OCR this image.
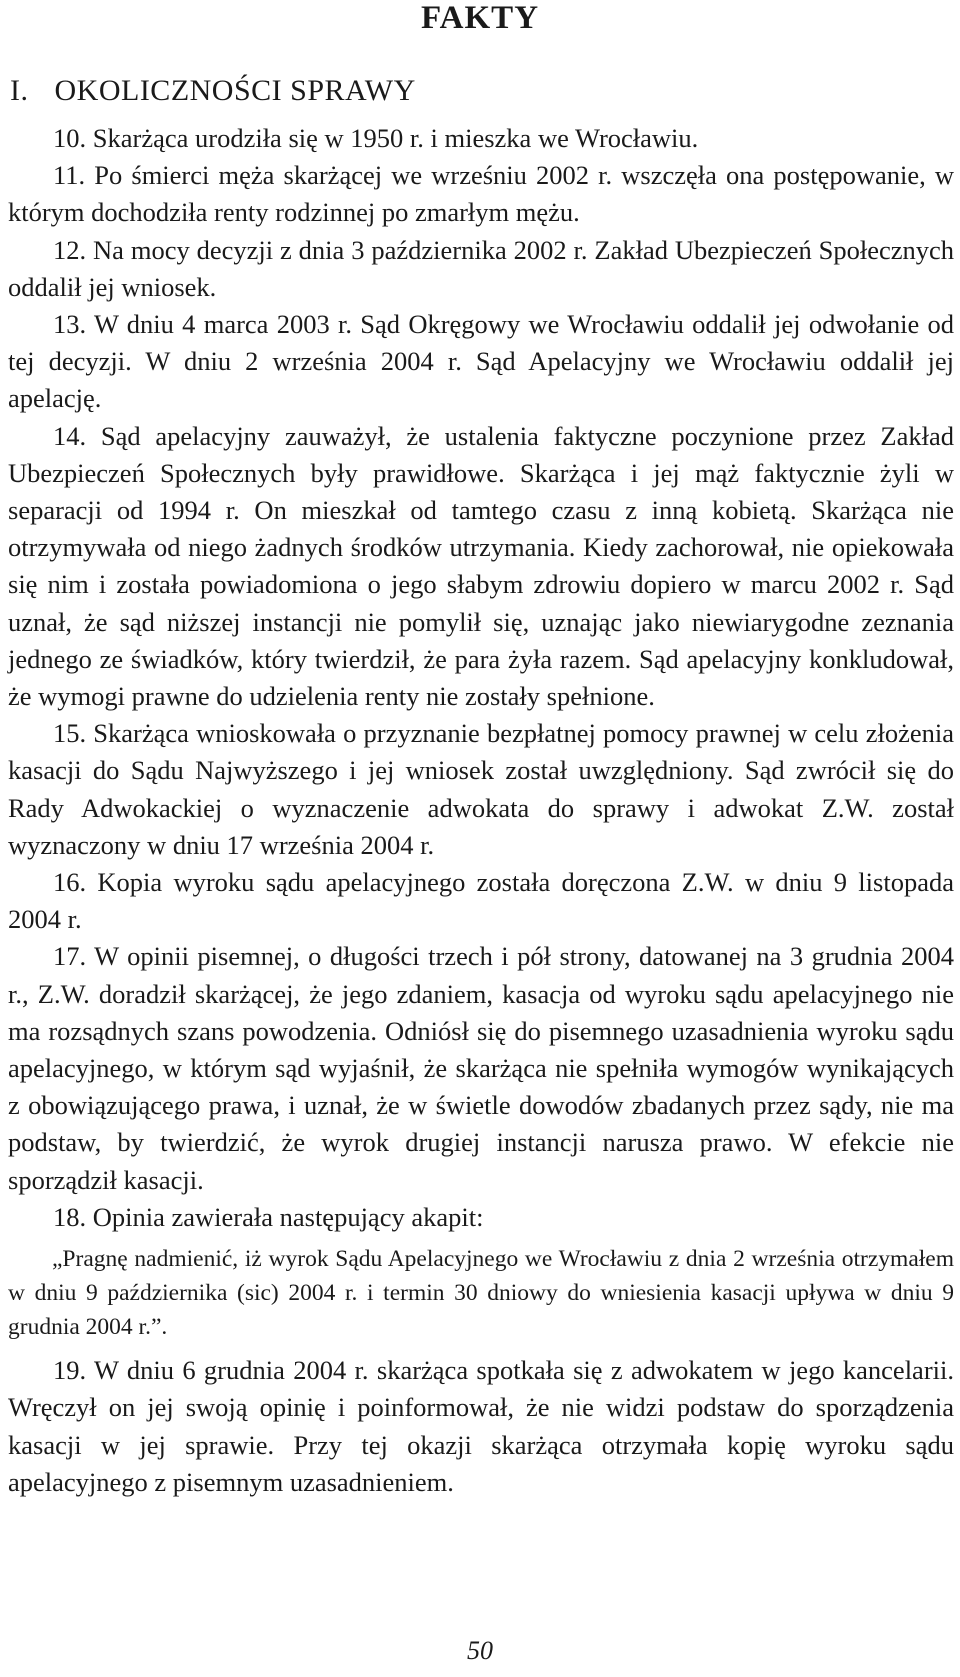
FAKTY
I. OKOLICZNOŚCI SPRAWY

10. Skarżąca urodziła się w 1950 r. i mieszka we Wrocławiu.

11. Po śmierci męża skarżącej we wrześniu 2002 r. wszczęła ona postępowanie, w którym dochodziła renty rodzinnej po zmarłym mężu.

12. Na mocy decyzji z dnia 3 października 2002 r. Zakład Ubezpieczeń Społecznych oddalił jej wniosek.

13. W dniu 4 marca 2003 r. Sąd Okręgowy we Wrocławiu oddalił jej odwołanie od tej decyzji. W dniu 2 września 2004 r. Sąd Apelacyjny we Wrocławiu oddalił jej apelację.

14. Sąd apelacyjny zauważył, że ustalenia faktyczne poczynione przez Zakład Ubezpieczeń Społecznych były prawidłowe. Skarżąca i jej mąż faktycznie żyli w separacji od 1994 r. On mieszkał od tamtego czasu z inną kobietą. Skarżąca nie otrzymywała od niego żadnych środków utrzymania. Kiedy zachorował, nie opiekowała się nim i została powiadomiona o jego słabym zdrowiu dopiero w marcu 2002 r. Sąd uznał, że sąd niższej instancji nie pomylił się, uznając jako niewiarygodne zeznania jednego ze świadków, który twierdził, że para żyła razem. Sąd apelacyjny konkludował, że wymogi prawne do udzielenia renty nie zostały spełnione.

15. Skarżąca wnioskowała o przyznanie bezpłatnej pomocy prawnej w celu złożenia kasacji do Sądu Najwyższego i jej wniosek został uwzględniony. Sąd zwrócił się do Rady Adwokackiej o wyznaczenie adwokata do sprawy i adwokat Z.W. został wyznaczony w dniu 17 września 2004 r.

16. Kopia wyroku sądu apelacyjnego została doręczona Z.W. w dniu 9 listopada 2004 r.

17. W opinii pisemnej, o długości trzech i pół strony, datowanej na 3 grudnia 2004 r., Z.W. doradził skarżącej, że jego zdaniem, kasacja od wyroku sądu apelacyjnego nie ma rozsądnych szans powodzenia. Odniósł się do pisemnego uzasadnienia wyroku sądu apelacyjnego, w którym sąd wyjaśnił, że skarżąca nie spełniła wymogów wynikających z obowiązującego prawa, i uznał, że w świetle dowodów zbadanych przez sądy, nie ma podstaw, by twierdzić, że wyrok drugiej instancji narusza prawo. W efekcie nie sporządził kasacji.

18. Opinia zawierała następujący akapit:

„Pragnę nadmienić, iż wyrok Sądu Apelacyjnego we Wrocławiu z dnia 2 września otrzymałem w dniu 9 października (sic) 2004 r. i termin 30 dniowy do wniesienia kasacji upływa w dniu 9 grudnia 2004 r.”.

19. W dniu 6 grudnia 2004 r. skarżąca spotkała się z adwokatem w jego kancelarii. Wręczył on jej swoją opinię i poinformował, że nie widzi podstaw do sporządzenia kasacji w jej sprawie. Przy tej okazji skarżąca otrzymała kopię wyroku sądu apelacyjnego z pisemnym uzasadnieniem.

50
